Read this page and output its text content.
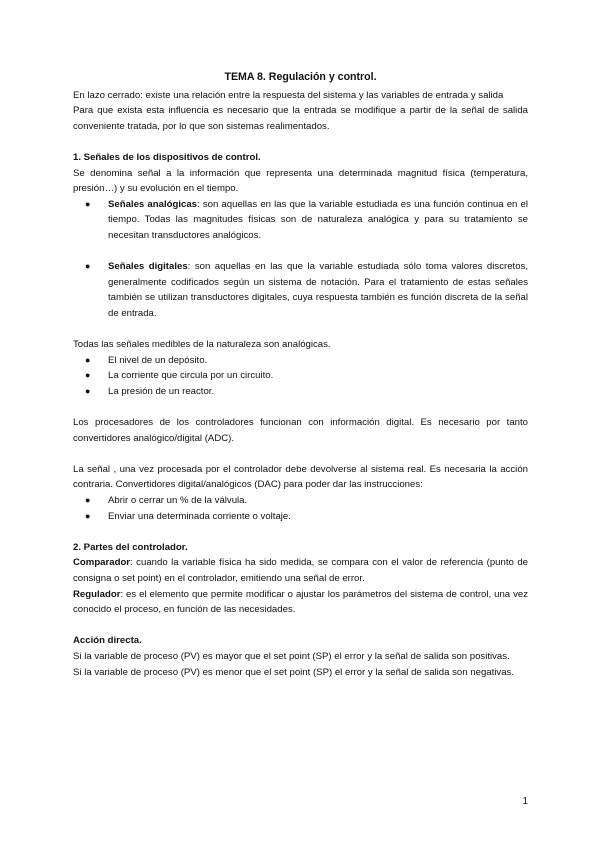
TEMA 8. Regulación y control.

En lazo cerrado: existe una relación entre la respuesta del sistema y las variables de entrada y salida

Para que exista esta influencia es necesario que la entrada se modifique a partir de la señal de salida conveniente tratada, por lo que son sistemas realimentados.

1. Señales de los dispositivos de control.

Se denomina señal a la información que representa una determinada magnitud física (temperatura, presión…) y su evolución en el tiempo.

● Señales analógicas: son aquellas en las que la variable estudiada es una función continua en el tiempo. Todas las magnitudes físicas son de naturaleza analógica y para su tratamiento se necesitan transductores analógicos.
● Señales digitales: son aquellas en las que la variable estudiada sólo toma valores discretos, generalmente codificados según un sistema de notación. Para el tratamiento de estas señales también se utilizan transductores digitales, cuya respuesta también es función discreta de la señal de entrada.

Todas las señales medibles de la naturaleza son analógicas.

● El nivel de un depósito.
● La corriente que circula por un circuito.
● La presión de un reactor.

Los procesadores de los controladores funcionan con información digital. Es necesario por tanto convertidores analógico/digital (ADC).

La señal , una vez procesada por el controlador debe devolverse al sistema real. Es necesaria la acción contraria. Convertidores digital/analógicos (DAC) para poder dar las instrucciones:

● Abrir o cerrar un % de la válvula.
● Enviar una determinada corriente o voltaje.

2. Partes del controlador.

Comparador: cuando la variable física ha sido medida, se compara con el valor de referencia (punto de consigna o set point) en el controlador, emitiendo una señal de error.

Regulador: es el elemento que permite modificar o ajustar los parámetros del sistema de control, una vez conocido el proceso, en función de las necesidades.

Acción directa.

Si la variable de proceso (PV) es mayor que el set point (SP) el error y la señal de salida son positivas.

Si la variable de proceso (PV) es menor que el set point (SP) el error y la señal de salida son negativas.

1
